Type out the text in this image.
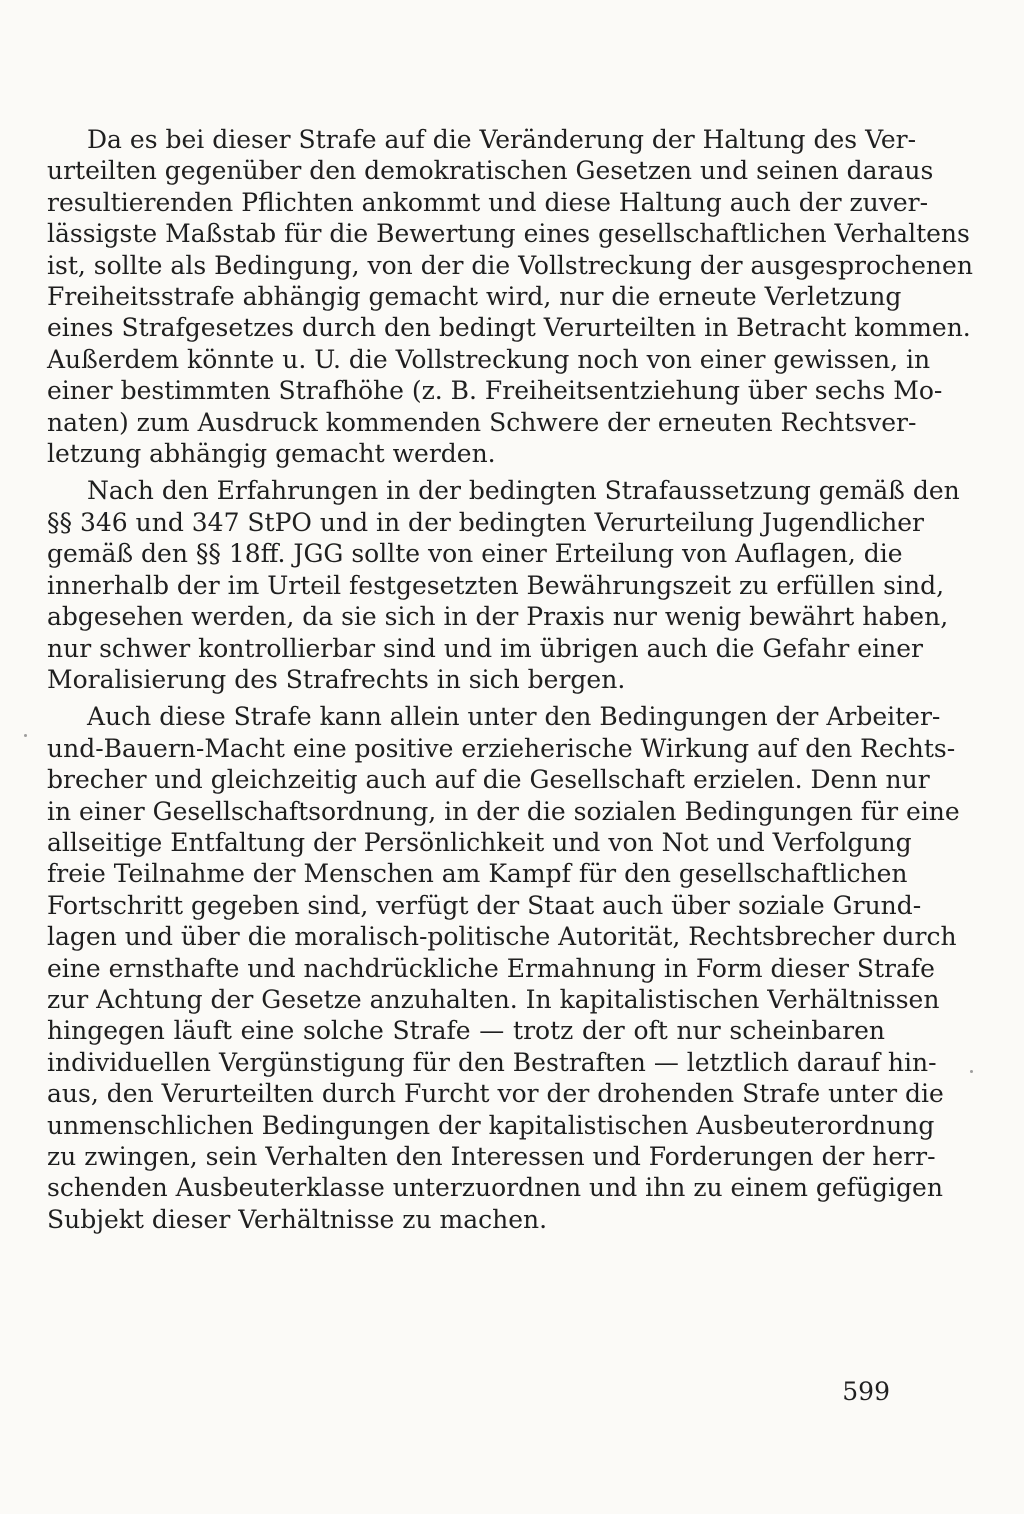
Da es bei dieser Strafe auf die Veränderung der Haltung des Ver-
urteilten gegenüber den demokratischen Gesetzen und seinen daraus
resultierenden Pflichten ankommt und diese Haltung auch der zuver-
lässigste Maßstab für die Bewertung eines gesellschaftlichen Verhaltens
ist, sollte als Bedingung, von der die Vollstreckung der ausgesprochenen
Freiheitsstrafe abhängig gemacht wird, nur die erneute Verletzung
eines Strafgesetzes durch den bedingt Verurteilten in Betracht kommen.
Außerdem könnte u. U. die Vollstreckung noch von einer gewissen, in
einer bestimmten Strafhöhe (z. B. Freiheitsentziehung über sechs Mo-
naten) zum Ausdruck kommenden Schwere der erneuten Rechtsver-
letzung abhängig gemacht werden.

Nach den Erfahrungen in der bedingten Strafaussetzung gemäß den
§§ 346 und 347 StPO und in der bedingten Verurteilung Jugendlicher
gemäß den §§ 18ff. JGG sollte von einer Erteilung von Auflagen, die
innerhalb der im Urteil festgesetzten Bewährungszeit zu erfüllen sind,
abgesehen werden, da sie sich in der Praxis nur wenig bewährt haben,
nur schwer kontrollierbar sind und im übrigen auch die Gefahr einer
Moralisierung des Strafrechts in sich bergen.

Auch diese Strafe kann allein unter den Bedingungen der Arbeiter-
und-Bauern-Macht eine positive erzieherische Wirkung auf den Rechts-
brecher und gleichzeitig auch auf die Gesellschaft erzielen. Denn nur
in einer Gesellschaftsordnung, in der die sozialen Bedingungen für eine
allseitige Entfaltung der Persönlichkeit und von Not und Verfolgung
freie Teilnahme der Menschen am Kampf für den gesellschaftlichen
Fortschritt gegeben sind, verfügt der Staat auch über soziale Grund-
lagen und über die moralisch-politische Autorität, Rechtsbrecher durch
eine ernsthafte und nachdrückliche Ermahnung in Form dieser Strafe
zur Achtung der Gesetze anzuhalten. In kapitalistischen Verhältnissen
hingegen läuft eine solche Strafe — trotz der oft nur scheinbaren
individuellen Vergünstigung für den Bestraften — letztlich darauf hin-
aus, den Verurteilten durch Furcht vor der drohenden Strafe unter die
unmenschlichen Bedingungen der kapitalistischen Ausbeuterordnung
zu zwingen, sein Verhalten den Interessen und Forderungen der herr-
schenden Ausbeuterklasse unterzuordnen und ihn zu einem gefügigen
Subjekt dieser Verhältnisse zu machen.

599
